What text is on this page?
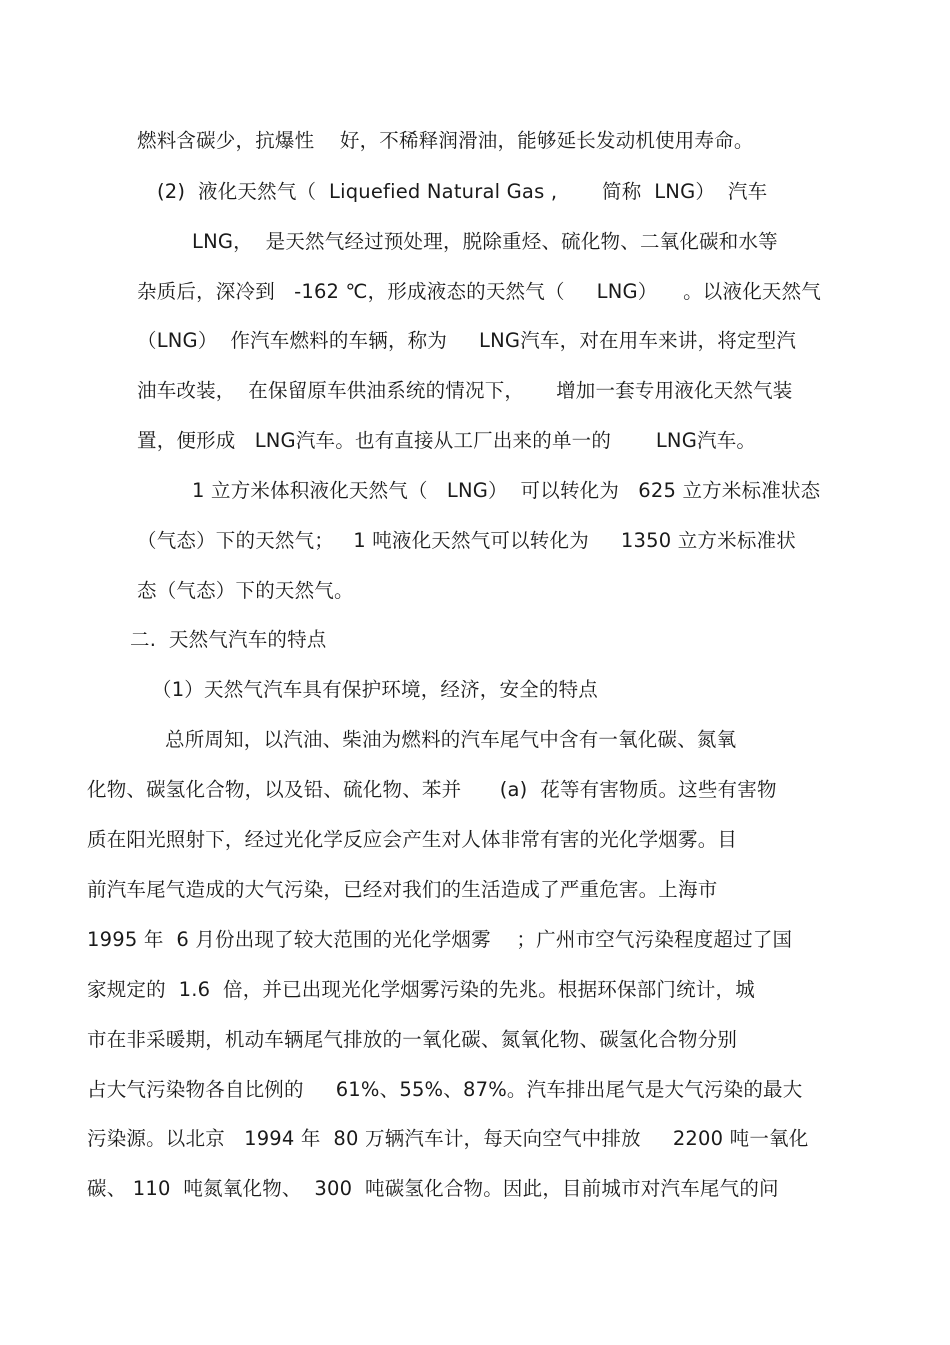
燃料含碳少，抗爆性    好，不稀释润滑油，能够延长发动机使用寿命。

(2)  液化天然气（  Liquefied Natural Gas ,       简称  LNG）  汽车

LNG，  是天然气经过预处理，脱除重烃、硫化物、二氧化碳和水等

杂质后，深冷到   -162 ℃，形成液态的天然气（     LNG）    。以液化天然气

（LNG）  作汽车燃料的车辆，称为     LNG汽车，对在用车来讲，将定型汽

油车改装，  在保留原车供油系统的情况下，     增加一套专用液化天然气装

置，便形成   LNG汽车。也有直接从工厂出来的单一的       LNG汽车。

1 立方米体积液化天然气（   LNG）  可以转化为   625 立方米标准状态

（气态）下的天然气；   1 吨液化天然气可以转化为     1350 立方米标准状

态（气态）下的天然气。

二.  天然气汽车的特点

（1）天然气汽车具有保护环境，经济，安全的特点

总所周知，以汽油、柴油为燃料的汽车尾气中含有一氧化碳、氮氧

化物、碳氢化合物，以及铅、硫化物、苯并      (a)  花等有害物质。这些有害物

质在阳光照射下，经过光化学反应会产生对人体非常有害的光化学烟雾。目

前汽车尾气造成的大气污染，已经对我们的生活造成了严重危害。上海市

1995 年  6 月份出现了较大范围的光化学烟雾    ；广州市空气污染程度超过了国

家规定的  1.6  倍，并已出现光化学烟雾污染的先兆。根据环保部门统计，城

市在非采暖期，机动车辆尾气排放的一氧化碳、氮氧化物、碳氢化合物分别

占大气污染物各自比例的     61%、55%、87%。汽车排出尾气是大气污染的最大

污染源。以北京   1994 年  80 万辆汽车计，每天向空气中排放     2200 吨一氧化

碳、 110  吨氮氧化物、  300  吨碳氢化合物。因此，目前城市对汽车尾气的问
